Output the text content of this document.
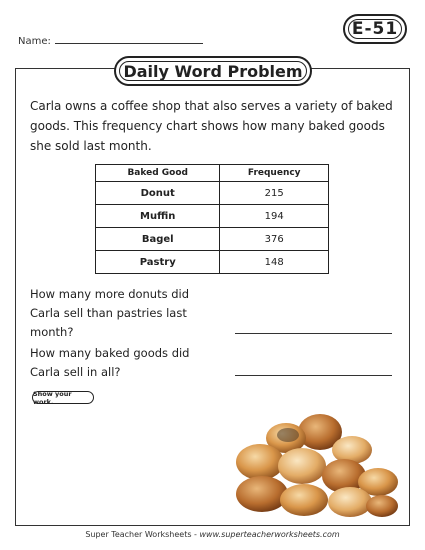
Name:
E-51
Daily Word Problem
Carla owns a coffee shop that also serves a variety of baked goods. This frequency chart shows how many baked goods she sold last month.
Baked Good	Frequency
Donut	215
Muffin	194
Bagel	376
Pastry	148
How many more donuts did Carla sell than pastries last month?
How many baked goods did Carla sell in all?
Show your work.
Super Teacher Worksheets - www.superteacherworksheets.com
